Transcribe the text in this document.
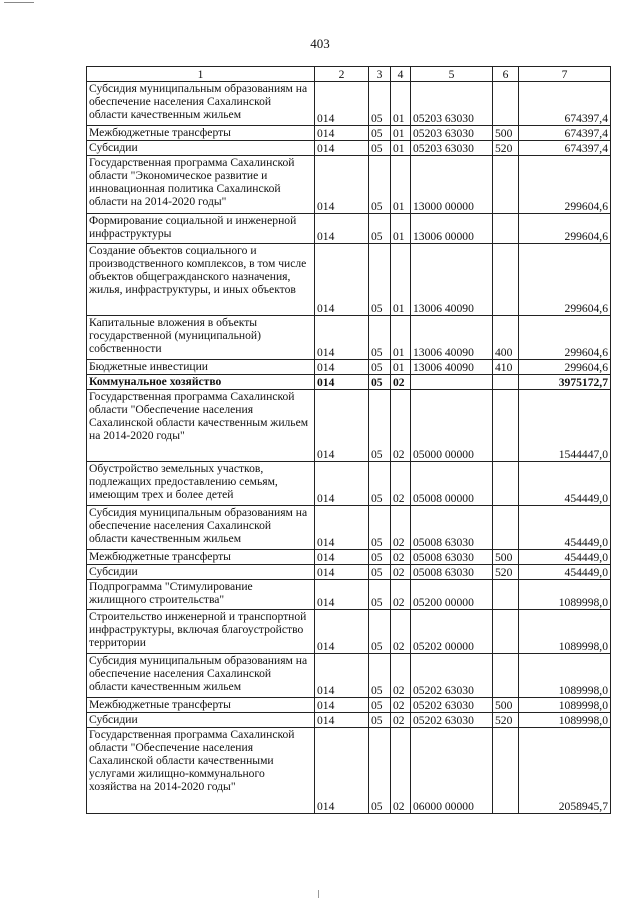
403
1	2	3	4	5	6	7
Субсидия муниципальным образованиям на обеспечение населения Сахалинской области качественным жильем	014	05	01	05203 63030		674397,4
Межбюджетные трансферты	014	05	01	05203 63030	500	674397,4
Субсидии	014	05	01	05203 63030	520	674397,4
Государственная программа Сахалинской области "Экономическое развитие и инновационная политика Сахалинской области на 2014-2020 годы"	014	05	01	13000 00000		299604,6
Формирование социальной и инженерной инфраструктуры	014	05	01	13006 00000		299604,6
Создание объектов социального и производственного комплексов, в том числе объектов общегражданского назначения, жилья, инфраструктуры, и иных объектов	014	05	01	13006 40090		299604,6
Капитальные вложения в объекты государственной (муниципальной) собственности	014	05	01	13006 40090	400	299604,6
Бюджетные инвестиции	014	05	01	13006 40090	410	299604,6
Коммунальное хозяйство	014	05	02			3975172,7
Государственная программа Сахалинской области "Обеспечение населения Сахалинской области качественным жильем на 2014-2020 годы"	014	05	02	05000 00000		1544447,0
Обустройство земельных участков, подлежащих предоставлению семьям, имеющим трех и более детей	014	05	02	05008 00000		454449,0
Субсидия муниципальным образованиям на обеспечение населения Сахалинской области качественным жильем	014	05	02	05008 63030		454449,0
Межбюджетные трансферты	014	05	02	05008 63030	500	454449,0
Субсидии	014	05	02	05008 63030	520	454449,0
Подпрограмма "Стимулирование жилищного строительства"	014	05	02	05200 00000		1089998,0
Строительство инженерной и транспортной инфраструктуры, включая благоустройство территории	014	05	02	05202 00000		1089998,0
Субсидия муниципальным образованиям на обеспечение населения Сахалинской области качественным жильем	014	05	02	05202 63030		1089998,0
Межбюджетные трансферты	014	05	02	05202 63030	500	1089998,0
Субсидии	014	05	02	05202 63030	520	1089998,0
Государственная программа Сахалинской области "Обеспечение населения Сахалинской области качественными услугами жилищно-коммунального хозяйства на 2014-2020 годы"	014	05	02	06000 00000		2058945,7
